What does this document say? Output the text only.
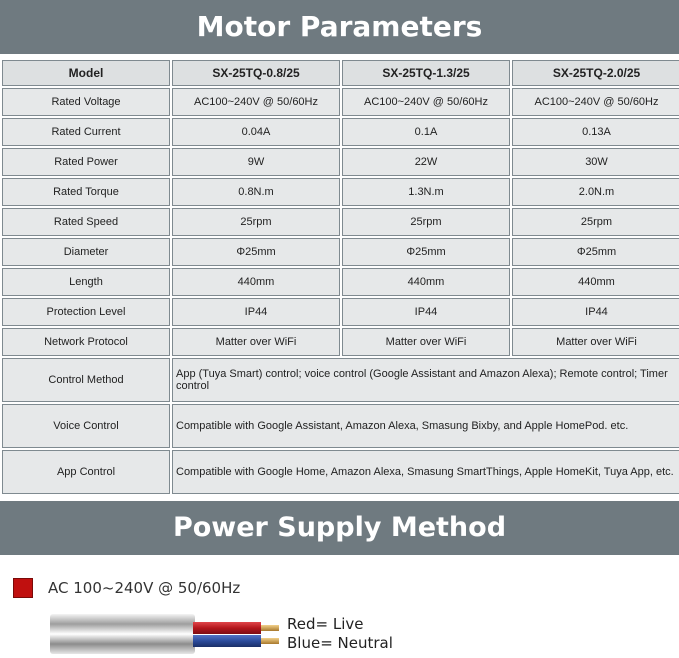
Motor Parameters
Model	SX-25TQ-0.8/25	SX-25TQ-1.3/25	SX-25TQ-2.0/25
Rated Voltage	AC100~240V @ 50/60Hz	AC100~240V @ 50/60Hz	AC100~240V @ 50/60Hz
Rated Current	0.04A	0.1A	0.13A
Rated Power	9W	22W	30W
Rated Torque	0.8N.m	1.3N.m	2.0N.m
Rated Speed	25rpm	25rpm	25rpm
Diameter	Φ25mm	Φ25mm	Φ25mm
Length	440mm	440mm	440mm
Protection Level	IP44	IP44	IP44
Network Protocol	Matter over WiFi	Matter over WiFi	Matter over WiFi
Control Method	App (Tuya Smart) control; voice control (Google Assistant and Amazon Alexa); Remote control; Timer control		
Voice Control	Compatible with Google Assistant, Amazon Alexa, Smasung Bixby, and Apple HomePod. etc.		
App Control	Compatible with Google Home, Amazon Alexa, Smasung SmartThings, Apple HomeKit, Tuya App, etc.		
Power Supply Method
AC 100~240V @ 50/60Hz
Red= Live
Blue= Neutral
